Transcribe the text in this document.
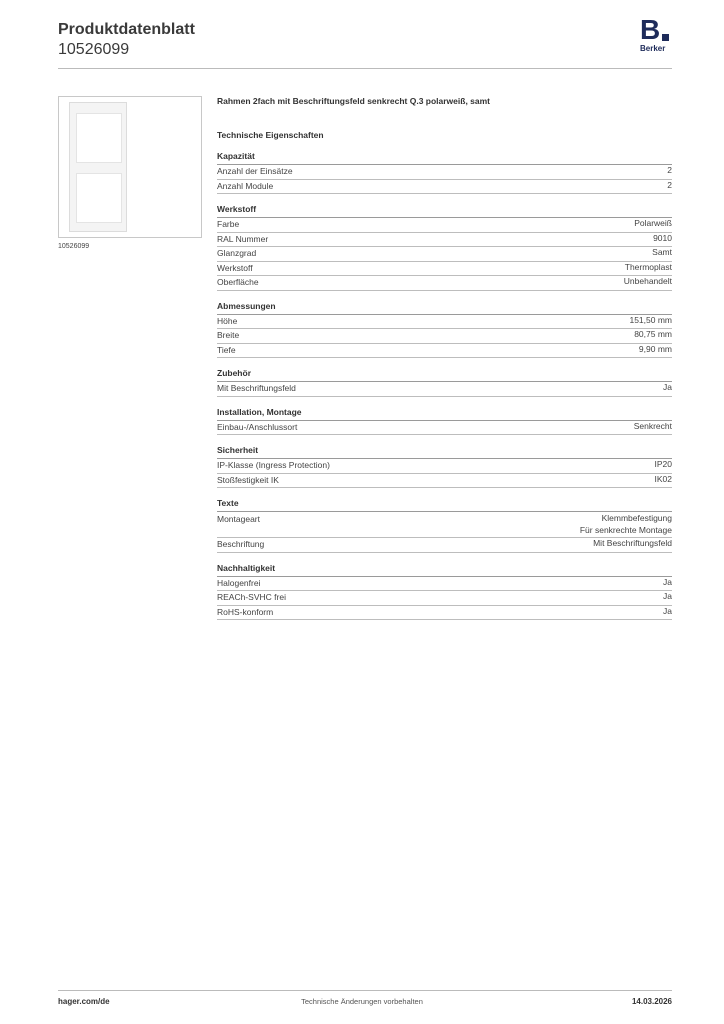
Produktdatenblatt
10526099
B
Berker
10526099
Rahmen 2fach mit Beschriftungsfeld senkrecht Q.3 polarweiß, samt
Technische Eigenschaften
Kapazität
Anzahl der Einsätze	2
Anzahl Module	2
Werkstoff
Farbe	Polarweiß
RAL Nummer	9010
Glanzgrad	Samt
Werkstoff	Thermoplast
Oberfläche	Unbehandelt
Abmessungen
Höhe	151,50 mm
Breite	80,75 mm
Tiefe	9,90 mm
Zubehör
Mit Beschriftungsfeld	Ja
Installation, Montage
Einbau-/Anschlussort	Senkrecht
Sicherheit
IP-Klasse (Ingress Protection)	IP20
Stoßfestigkeit IK	IK02
Texte
Montageart	Klemmbefestigung
Für senkrechte Montage
Beschriftung	Mit Beschriftungsfeld
Nachhaltigkeit
Halogenfrei	Ja
REACh-SVHC frei	Ja
RoHS-konform	Ja
hager.com/de	Technische Änderungen vorbehalten	14.03.2026
